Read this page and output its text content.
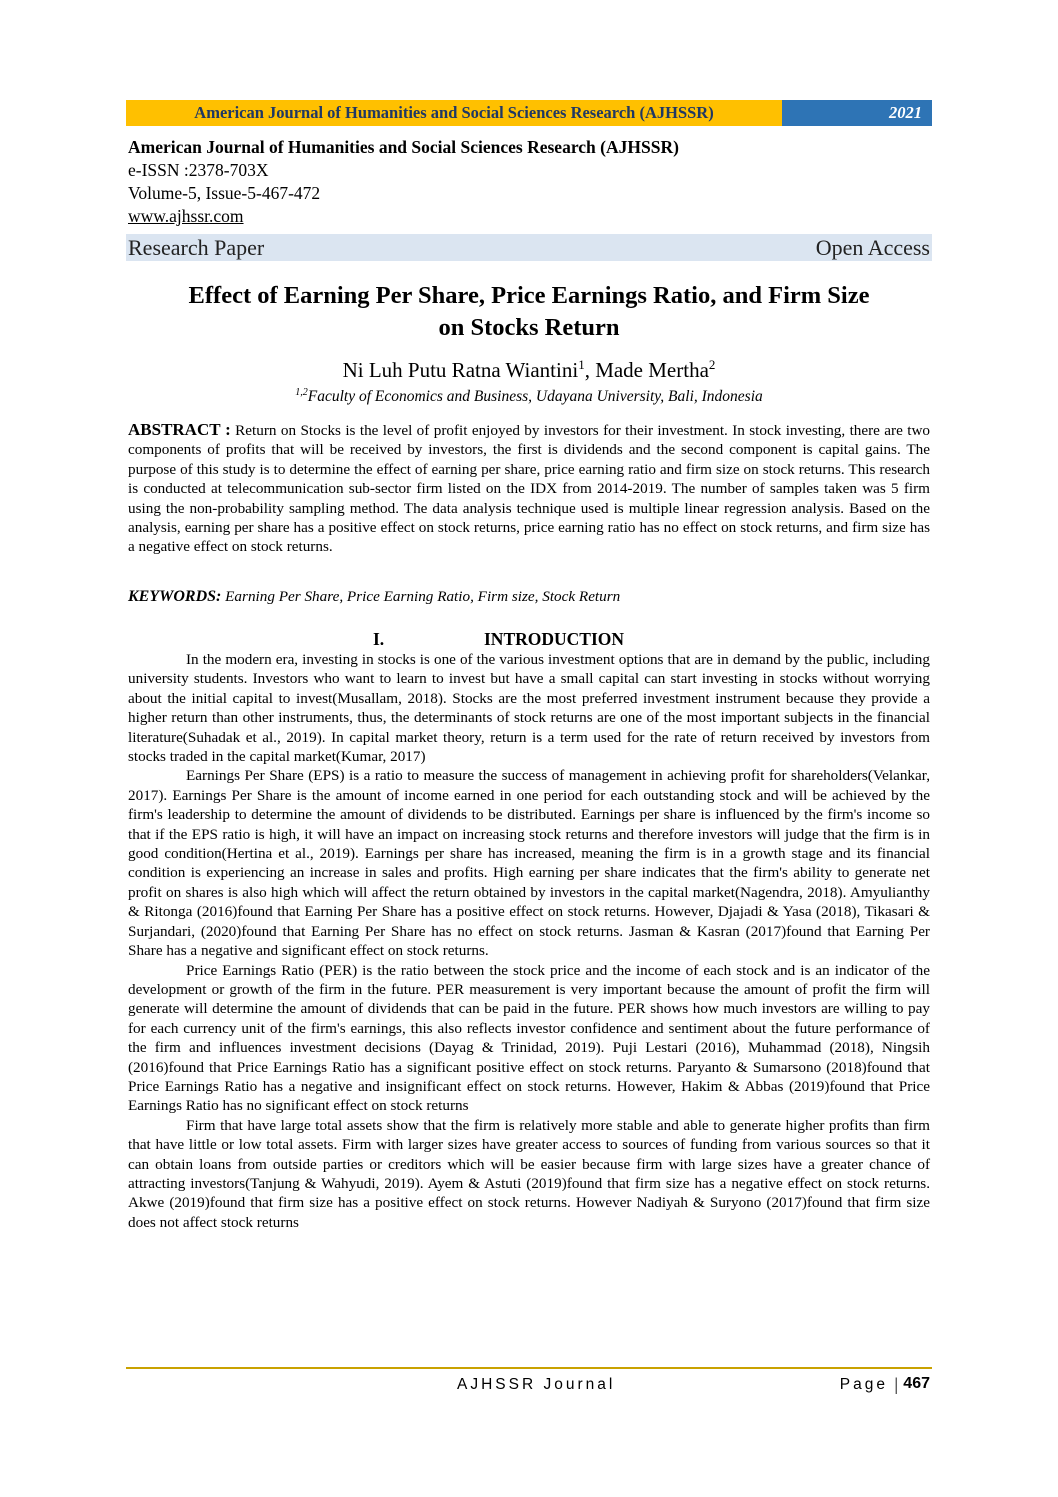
American Journal of Humanities and Social Sciences Research (AJHSSR)	2021
American Journal of Humanities and Social Sciences Research (AJHSSR)
e-ISSN :2378-703X
Volume-5, Issue-5-467-472
www.ajhssr.com
Research Paper	Open Access
Effect of Earning Per Share, Price Earnings Ratio, and Firm Size
on Stocks Return
Ni Luh Putu Ratna Wiantini$^1$, Made Mertha$^2$
$^{1,2}$Faculty of Economics and Business, Udayana University, Bali, Indonesia
ABSTRACT : Return on Stocks is the level of profit enjoyed by investors for their investment. In stock investing, there are two components of profits that will be received by investors, the first is dividends and the second component is capital gains. The purpose of this study is to determine the effect of earning per share, price earning ratio and firm size on stock returns. This research is conducted at telecommunication sub-sector firm listed on the IDX from 2014-2019. The number of samples taken was 5 firm using the non-probability sampling method. The data analysis technique used is multiple linear regression analysis. Based on the analysis, earning per share has a positive effect on stock returns, price earning ratio has no effect on stock returns, and firm size has a negative effect on stock returns.
KEYWORDS: Earning Per Share, Price Earning Ratio, Firm size, Stock Return
I.	INTRODUCTION

In the modern era, investing in stocks is one of the various investment options that are in demand by the public, including university students. Investors who want to learn to invest but have a small capital can start investing in stocks without worrying about the initial capital to invest(Musallam, 2018). Stocks are the most preferred investment instrument because they provide a higher return than other instruments, thus, the determinants of stock returns are one of the most important subjects in the financial literature(Suhadak et al., 2019). In capital market theory, return is a term used for the rate of return received by investors from stocks traded in the capital market(Kumar, 2017)

Earnings Per Share (EPS) is a ratio to measure the success of management in achieving profit for shareholders(Velankar, 2017). Earnings Per Share is the amount of income earned in one period for each outstanding stock and will be achieved by the firm's leadership to determine the amount of dividends to be distributed. Earnings per share is influenced by the firm's income so that if the EPS ratio is high, it will have an impact on increasing stock returns and therefore investors will judge that the firm is in good condition(Hertina et al., 2019). Earnings per share has increased, meaning the firm is in a growth stage and its financial condition is experiencing an increase in sales and profits. High earning per share indicates that the firm's ability to generate net profit on shares is also high which will affect the return obtained by investors in the capital market(Nagendra, 2018). Amyulianthy & Ritonga (2016)found that Earning Per Share has a positive effect on stock returns. However, Djajadi & Yasa (2018), Tikasari & Surjandari, (2020)found that Earning Per Share has no effect on stock returns. Jasman & Kasran (2017)found that Earning Per Share has a negative and significant effect on stock returns.

Price Earnings Ratio (PER) is the ratio between the stock price and the income of each stock and is an indicator of the development or growth of the firm in the future. PER measurement is very important because the amount of profit the firm will generate will determine the amount of dividends that can be paid in the future. PER shows how much investors are willing to pay for each currency unit of the firm's earnings, this also reflects investor confidence and sentiment about the future performance of the firm and influences investment decisions (Dayag & Trinidad, 2019). Puji Lestari (2016), Muhammad (2018), Ningsih (2016)found that Price Earnings Ratio has a significant positive effect on stock returns. Paryanto & Sumarsono (2018)found that Price Earnings Ratio has a negative and insignificant effect on stock returns. However, Hakim & Abbas (2019)found that Price Earnings Ratio has no significant effect on stock returns

Firm that have large total assets show that the firm is relatively more stable and able to generate higher profits than firm that have little or low total assets. Firm with larger sizes have greater access to sources of funding from various sources so that it can obtain loans from outside parties or creditors which will be easier because firm with large sizes have a greater chance of attracting investors(Tanjung & Wahyudi, 2019). Ayem & Astuti (2019)found that firm size has a negative effect on stock returns. Akwe (2019)found that firm size has a positive effect on stock returns. However Nadiyah & Suryono (2017)found that firm size does not affect stock returns

AJHSSR Journal	Page | 467
